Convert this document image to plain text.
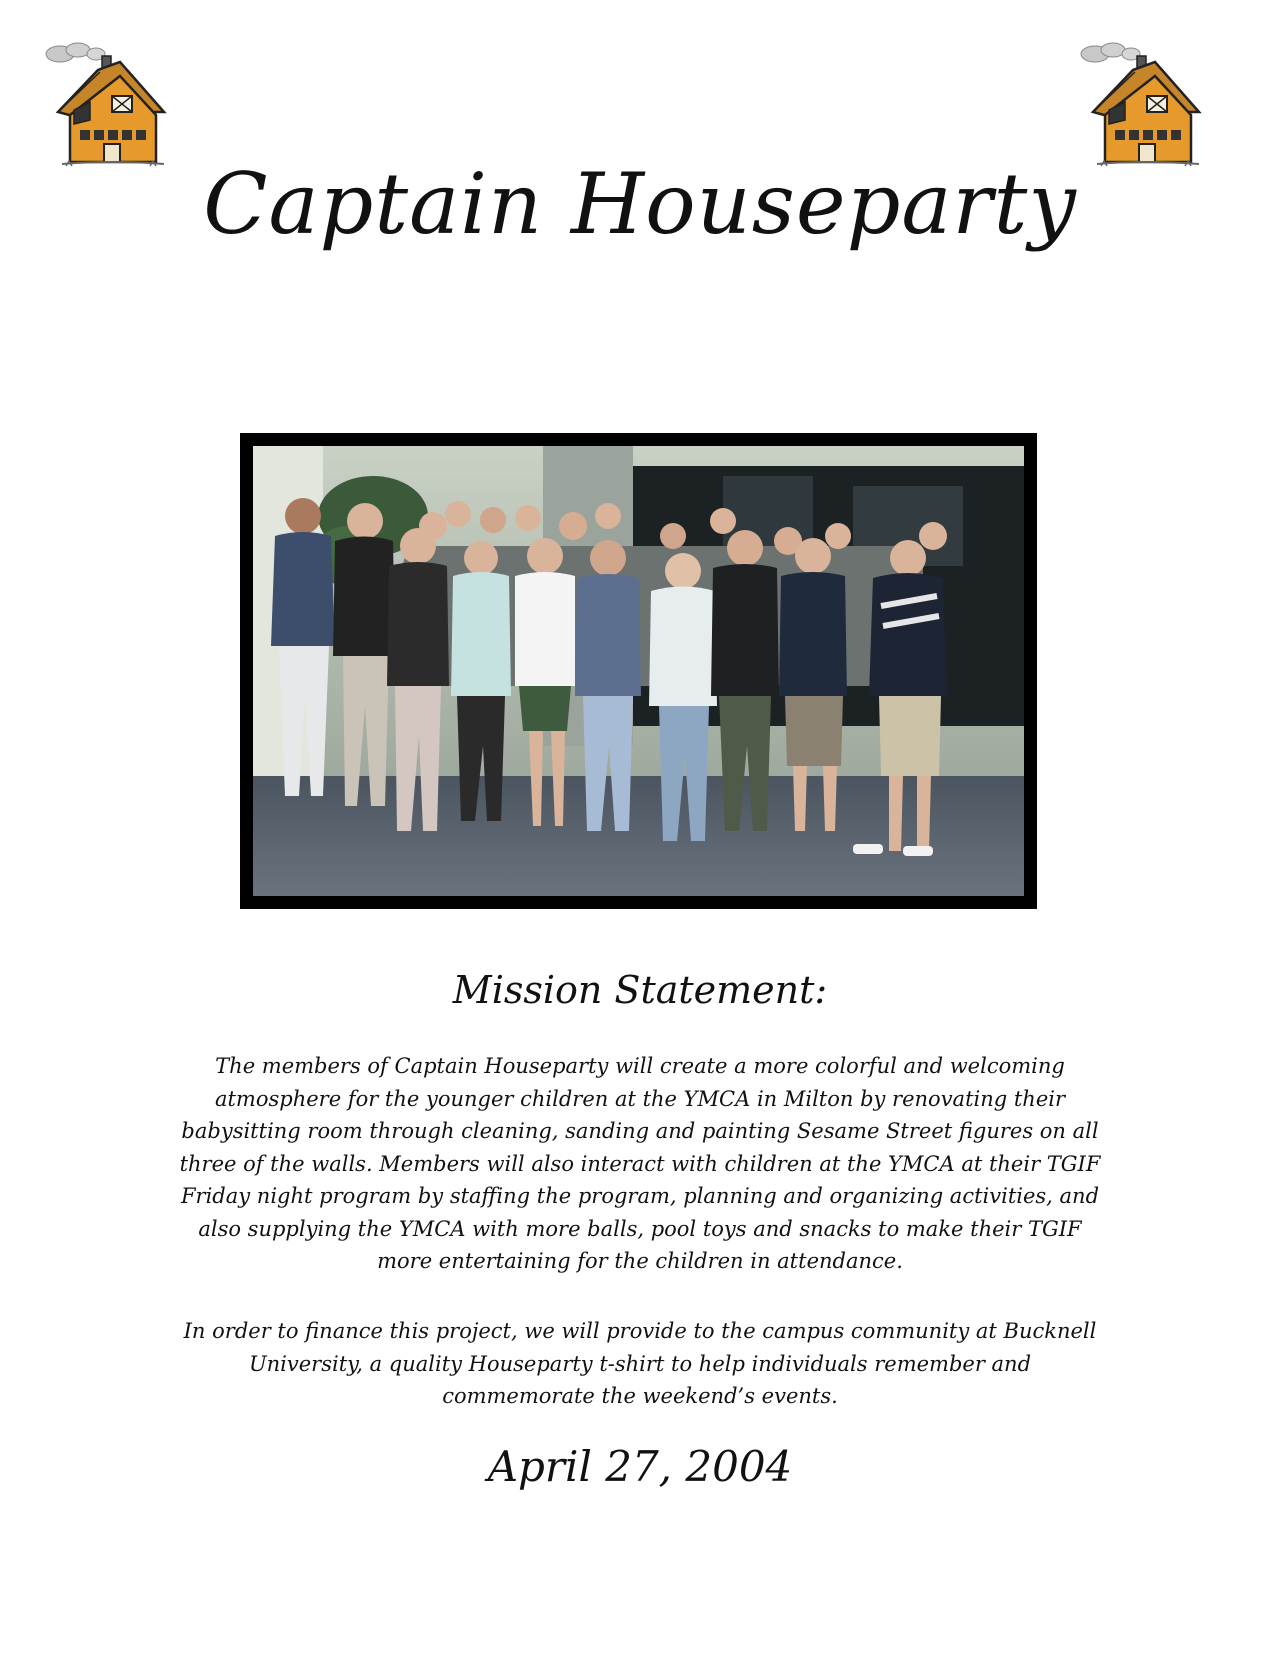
Captain Houseparty
Mission Statement:
The members of Captain Houseparty will create a more colorful and welcoming atmosphere for the younger children at the YMCA in Milton by renovating their babysitting room through cleaning, sanding and painting Sesame Street figures on all three of the walls. Members will also interact with children at the YMCA at their TGIF Friday night program by staffing the program, planning and organizing activities, and also supplying the YMCA with more balls, pool toys and snacks to make their TGIF more entertaining for the children in attendance.
In order to finance this project, we will provide to the campus community at Bucknell University, a quality Houseparty t-shirt to help individuals remember and commemorate the weekend’s events.
April 27, 2004
